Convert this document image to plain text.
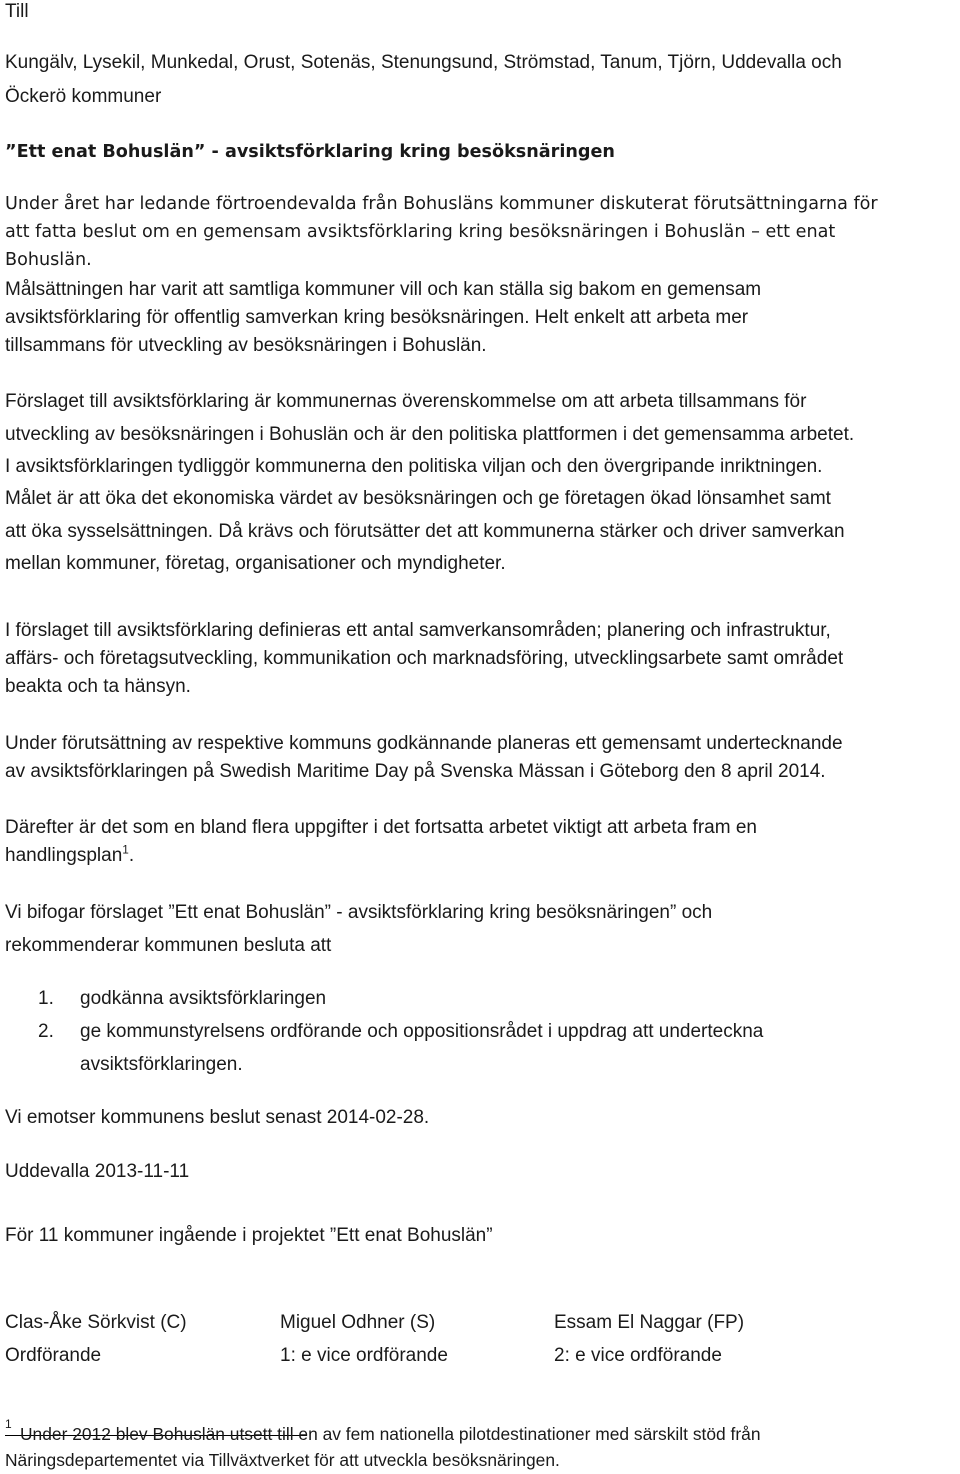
Till
Kungälv, Lysekil, Munkedal, Orust, Sotenäs, Stenungsund, Strömstad, Tanum, Tjörn, Uddevalla och
Öckerö kommuner
”Ett enat Bohuslän” - avsiktsförklaring kring besöksnäringen
Under året har ledande förtroendevalda från Bohusläns kommuner diskuterat förutsättningarna för
att fatta beslut om en gemensam avsiktsförklaring kring besöksnäringen i Bohuslän – ett enat
Bohuslän.
Målsättningen har varit att samtliga kommuner vill och kan ställa sig bakom en gemensam
avsiktsförklaring för offentlig samverkan kring besöksnäringen. Helt enkelt att arbeta mer
tillsammans för utveckling av besöksnäringen i Bohuslän.
Förslaget till avsiktsförklaring är kommunernas överenskommelse om att arbeta tillsammans för
utveckling av besöksnäringen i Bohuslän och är den politiska plattformen i det gemensamma arbetet.
I avsiktsförklaringen tydliggör kommunerna den politiska viljan och den övergripande inriktningen.
Målet är att öka det ekonomiska värdet av besöksnäringen och ge företagen ökad lönsamhet samt
att öka sysselsättningen. Då krävs och förutsätter det att kommunerna stärker och driver samverkan
mellan kommuner, företag, organisationer och myndigheter.
I förslaget till avsiktsförklaring definieras ett antal samverkansområden; planering och infrastruktur,
affärs- och företagsutveckling, kommunikation och marknadsföring, utvecklingsarbete samt området
beakta och ta hänsyn.
Under förutsättning av respektive kommuns godkännande planeras ett gemensamt undertecknande
av avsiktsförklaringen på Swedish Maritime Day på Svenska Mässan i Göteborg den 8 april 2014.
Därefter är det som en bland flera uppgifter i det fortsatta arbetet viktigt att arbeta fram en
handlingsplan$^1$.
Vi bifogar förslaget ”Ett enat Bohuslän” - avsiktsförklaring kring besöksnäringen” och
rekommenderar kommunen besluta att
1. godkänna avsiktsförklaringen
2. ge kommunstyrelsens ordförande och oppositionsrådet i uppdrag att underteckna
avsiktsförklaringen.
Vi emotser kommunens beslut senast 2014-02-28.
Uddevalla 2013-11-11
För 11 kommuner ingående i projektet ”Ett enat Bohuslän”
Clas-Åke Sörkvist (C)
Ordförande
Miguel Odhner (S)
1: e vice ordförande
Essam El Naggar (FP)
2: e vice ordförande
1 Under 2012 blev Bohuslän utsett till en av fem nationella pilotdestinationer med särskilt stöd från
Näringsdepartementet via Tillväxtverket för att utveckla besöksnäringen.
